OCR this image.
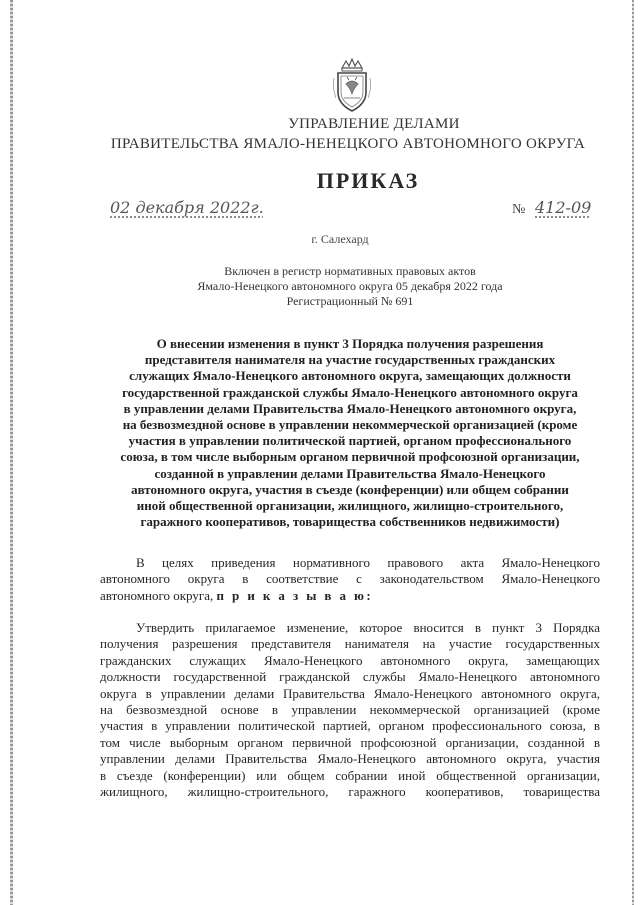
УПРАВЛЕНИЕ ДЕЛАМИ
ПРАВИТЕЛЬСТВА ЯМАЛО-НЕНЕЦКОГО АВТОНОМНОГО ОКРУГА
ПРИКАЗ
02 декабря 2022г.	№ 412-09
г. Салехард
Включен в регистр нормативных правовых актов
Ямало-Ненецкого автономного округа 05 декабря 2022 года
Регистрационный № 691
О внесении изменения в пункт 3 Порядка получения разрешения
представителя нанимателя на участие государственных гражданских
служащих Ямало-Ненецкого автономного округа, замещающих должности
государственной гражданской службы Ямало-Ненецкого автономного округа
в управлении делами Правительства Ямало-Ненецкого автономного округа,
на безвозмездной основе в управлении некоммерческой организацией (кроме
участия в управлении политической партией, органом профессионального
союза, в том числе выборным органом первичной профсоюзной организации,
созданной в управлении делами Правительства Ямало-Ненецкого
автономного округа, участия в съезде (конференции) или общем собрании
иной общественной организации, жилищного, жилищно-строительного,
гаражного кооперативов, товарищества собственников недвижимости)
В целях приведения нормативного правового акта Ямало-Ненецкого
автономного округа в соответствие с законодательством Ямало-Ненецкого
автономного округа, п р и к а з ы в а ю:
Утвердить прилагаемое изменение, которое вносится в пункт 3 Порядка
получения разрешения представителя нанимателя на участие государственных
гражданских служащих Ямало-Ненецкого автономного округа, замещающих
должности государственной гражданской службы Ямало-Ненецкого автономного
округа в управлении делами Правительства Ямало-Ненецкого автономного округа,
на безвозмездной основе в управлении некоммерческой организацией (кроме
участия в управлении политической партией, органом профессионального союза, в
том числе выборным органом первичной профсоюзной организации, созданной в
управлении делами Правительства Ямало-Ненецкого автономного округа, участия
в съезде (конференции) или общем собрании иной общественной организации,
жилищного, жилищно-строительного, гаражного кооперативов, товарищества
